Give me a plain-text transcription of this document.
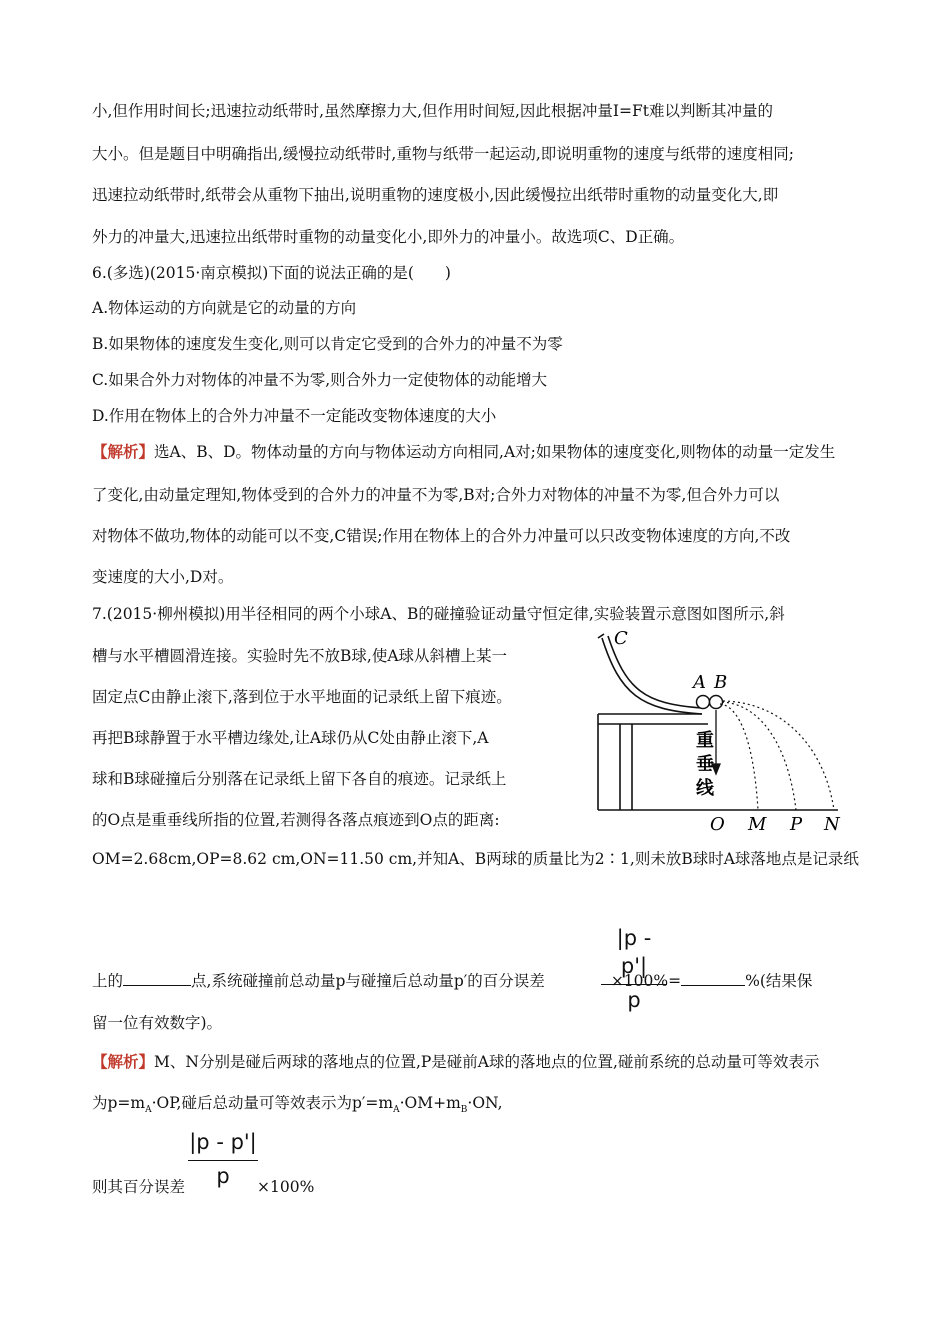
小,但作用时间长;迅速拉动纸带时,虽然摩擦力大,但作用时间短,因此根据冲量I=Ft难以判断其冲量的
大小。但是题目中明确指出,缓慢拉动纸带时,重物与纸带一起运动,即说明重物的速度与纸带的速度相同;
迅速拉动纸带时,纸带会从重物下抽出,说明重物的速度极小,因此缓慢拉出纸带时重物的动量变化大,即
外力的冲量大,迅速拉出纸带时重物的动量变化小,即外力的冲量小。故选项C、D正确。
6.(多选)(2015·南京模拟)下面的说法正确的是(　　)
A.物体运动的方向就是它的动量的方向
B.如果物体的速度发生变化,则可以肯定它受到的合外力的冲量不为零
C.如果合外力对物体的冲量不为零,则合外力一定使物体的动能增大
D.作用在物体上的合外力冲量不一定能改变物体速度的大小
【解析】选A、B、D。物体动量的方向与物体运动方向相同,A对;如果物体的速度变化,则物体的动量一定发生
了变化,由动量定理知,物体受到的合外力的冲量不为零,B对;合外力对物体的冲量不为零,但合外力可以
对物体不做功,物体的动能可以不变,C错误;作用在物体上的合外力冲量可以只改变物体速度的方向,不改
变速度的大小,D对。
7.(2015·柳州模拟)用半径相同的两个小球A、B的碰撞验证动量守恒定律,实验装置示意图如图所示,斜
槽与水平槽圆滑连接。实验时先不放B球,使A球从斜槽上某一
固定点C由静止滚下,落到位于水平地面的记录纸上留下痕迹。
再把B球静置于水平槽边缘处,让A球仍从C处由静止滚下,A
球和B球碰撞后分别落在记录纸上留下各自的痕迹。记录纸上
的O点是重垂线所指的位置,若测得各落点痕迹到O点的距离:
OM=2.68cm,OP=8.62 cm,ON=11.50 cm,并知A、B两球的质量比为2∶1,则未放B球时A球落地点是记录纸
上的	点,系统碰撞前总动量p与碰撞后总动量p′的百分误差	×100%=	%(结果保
|p - p'|
p
留一位有效数字)。
【解析】M、N分别是碰后两球的落地点的位置,P是碰前A球的落地点的位置,碰前系统的总动量可等效表示
为$p=m_A\cdot OP$,碰后总动量可等效表示为$p'=m_A\cdot OM+m_B\cdot ON$,
|p - p'|
p
则其百分误差	×100%
C
A B
重
垂
线
O M P N
